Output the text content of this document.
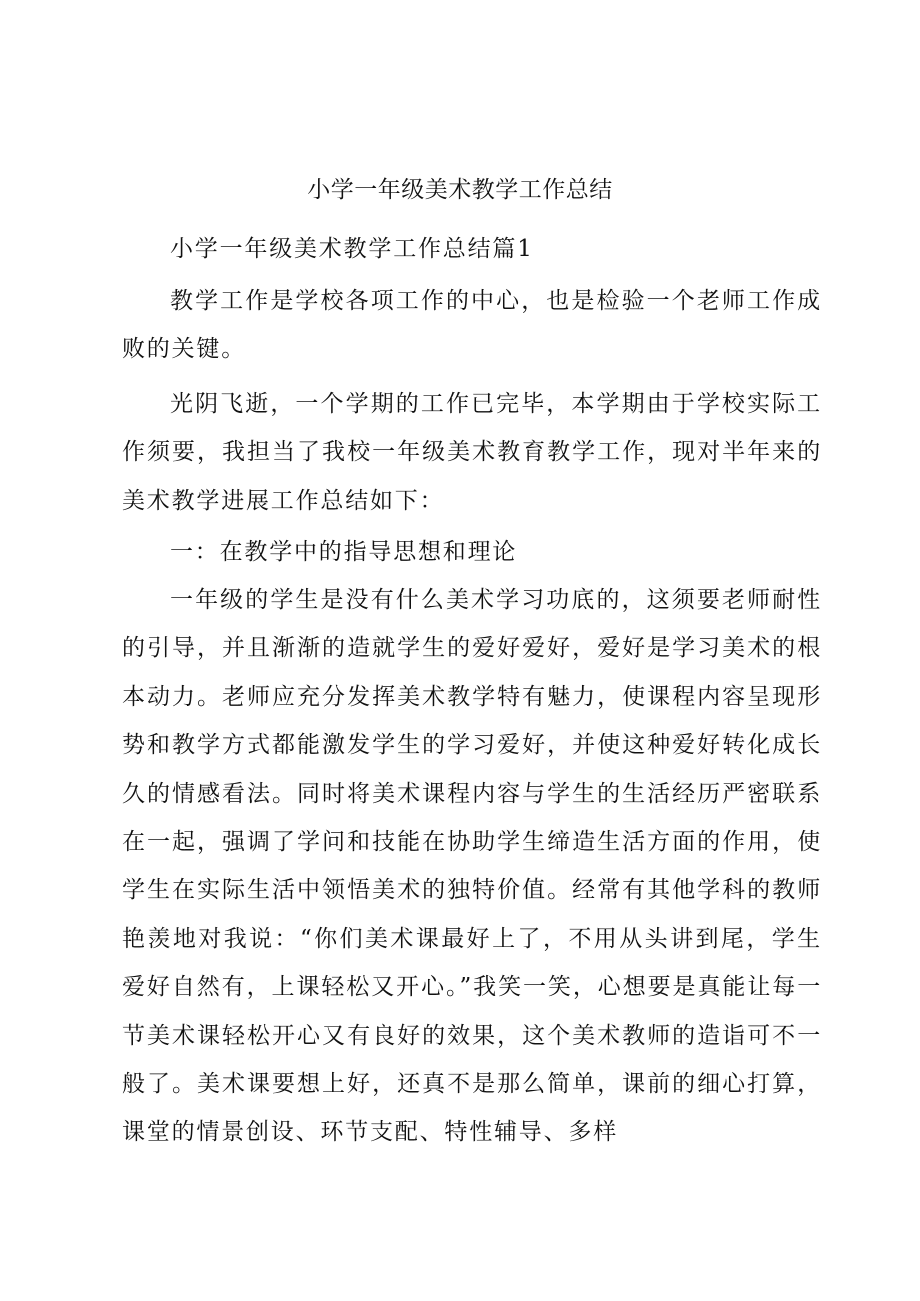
小学一年级美术教学工作总结
小学一年级美术教学工作总结篇1
教学工作是学校各项工作的中心，也是检验一个老师工作成败的关键。
光阴飞逝，一个学期的工作已完毕，本学期由于学校实际工作须要，我担当了我校一年级美术教育教学工作，现对半年来的美术教学进展工作总结如下：
一：在教学中的指导思想和理论
一年级的学生是没有什么美术学习功底的，这须要老师耐性的引导，并且渐渐的造就学生的爱好爱好，爱好是学习美术的根本动力。老师应充分发挥美术教学特有魅力，使课程内容呈现形势和教学方式都能激发学生的学习爱好，并使这种爱好转化成长久的情感看法。同时将美术课程内容与学生的生活经历严密联系在一起，强调了学问和技能在协助学生缔造生活方面的作用，使学生在实际生活中领悟美术的独特价值。经常有其他学科的教师艳羡地对我说：“你们美术课最好上了，不用从头讲到尾，学生爱好自然有，上课轻松又开心。”我笑一笑，心想要是真能让每一节美术课轻松开心又有良好的效果，这个美术教师的造诣可不一般了。美术课要想上好，还真不是那么简单，课前的细心打算，课堂的情景创设、环节支配、特性辅导、多样
